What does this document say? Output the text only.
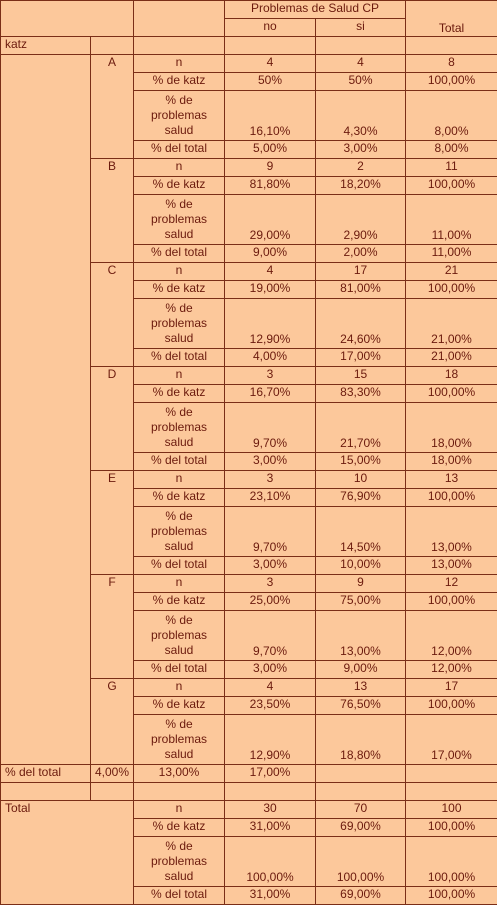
Problemas de Salud CP
no	si	Total
katz
A	n	4	4	8
% de katz	50%	50%	100,00%
% de problemas salud	16,10%	4,30%	8,00%
% del total	5,00%	3,00%	8,00%
B	n	9	2	11
% de katz	81,80%	18,20%	100,00%
% de problemas salud	29,00%	2,90%	11,00%
% del total	9,00%	2,00%	11,00%
C	n	4	17	21
% de katz	19,00%	81,00%	100,00%
% de problemas salud	12,90%	24,60%	21,00%
% del total	4,00%	17,00%	21,00%
D	n	3	15	18
% de katz	16,70%	83,30%	100,00%
% de problemas salud	9,70%	21,70%	18,00%
% del total	3,00%	15,00%	18,00%
E	n	3	10	13
% de katz	23,10%	76,90%	100,00%
% de problemas salud	9,70%	14,50%	13,00%
% del total	3,00%	10,00%	13,00%
F	n	3	9	12
% de katz	25,00%	75,00%	100,00%
% de problemas salud	9,70%	13,00%	12,00%
% del total	3,00%	9,00%	12,00%
G	n	4	13	17
% de katz	23,50%	76,50%	100,00%
% de problemas salud	12,90%	18,80%	17,00%
% del total	4,00%	13,00%	17,00%
Total	n	30	70	100
% de katz	31,00%	69,00%	100,00%
% de problemas salud	100,00%	100,00%	100,00%
% del total	31,00%	69,00%	100,00%
